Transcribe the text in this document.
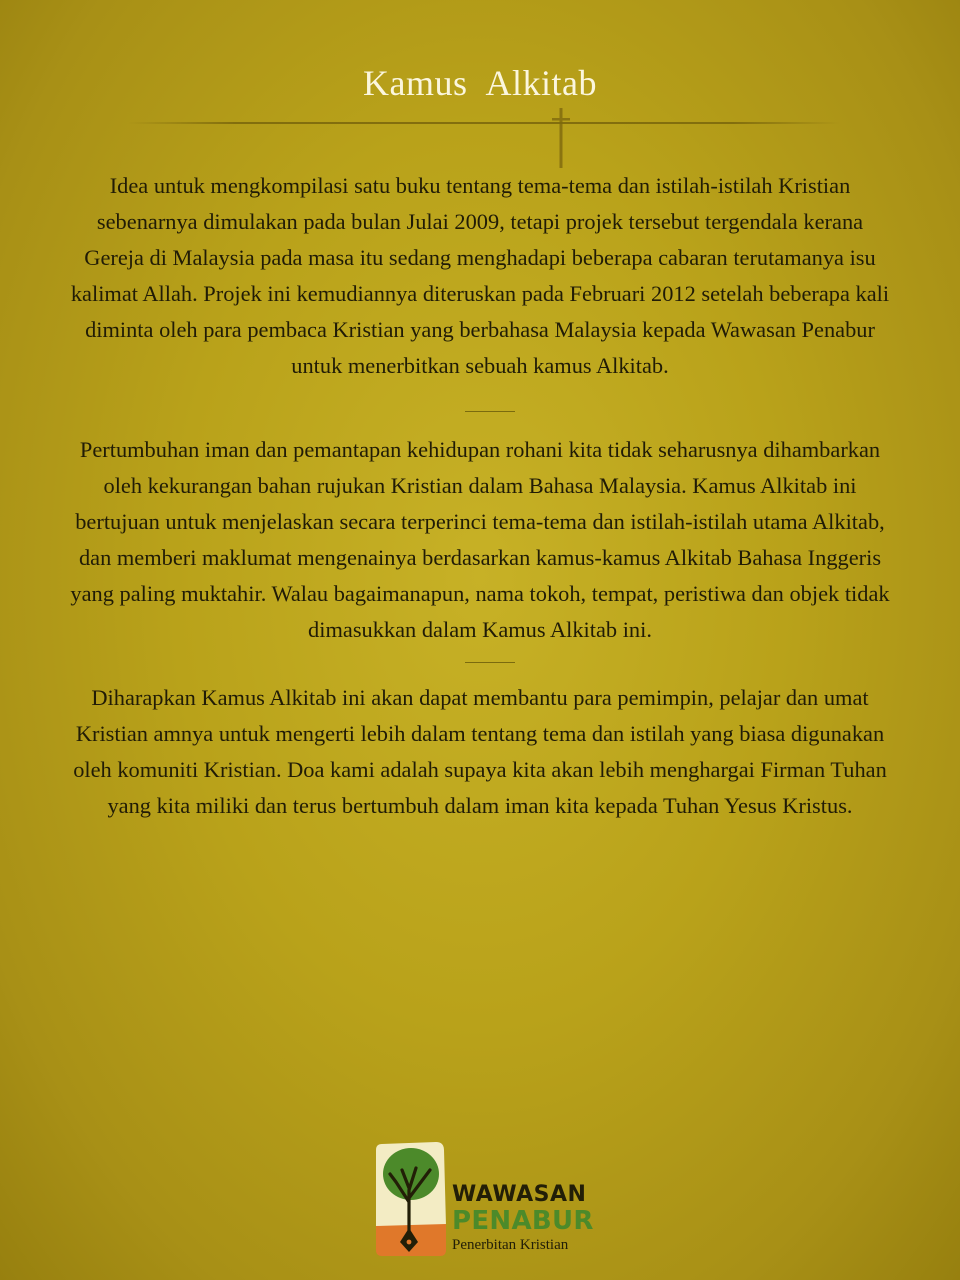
Kamus Alkitab
Idea untuk mengkompilasi satu buku tentang tema-tema dan istilah-istilah Kristian
sebenarnya dimulakan pada bulan Julai 2009, tetapi projek tersebut tergendala kerana
Gereja di Malaysia pada masa itu sedang menghadapi beberapa cabaran terutamanya isu
kalimat Allah. Projek ini kemudiannya diteruskan pada Februari 2012 setelah beberapa kali
diminta oleh para pembaca Kristian yang berbahasa Malaysia kepada Wawasan Penabur
untuk menerbitkan sebuah kamus Alkitab.
Pertumbuhan iman dan pemantapan kehidupan rohani kita tidak seharusnya dihambarkan
oleh kekurangan bahan rujukan Kristian dalam Bahasa Malaysia. Kamus Alkitab ini
bertujuan untuk menjelaskan secara terperinci tema-tema dan istilah-istilah utama Alkitab,
dan memberi maklumat mengenainya berdasarkan kamus-kamus Alkitab Bahasa Inggeris
yang paling muktahir. Walau bagaimanapun, nama tokoh, tempat, peristiwa dan objek tidak
dimasukkan dalam Kamus Alkitab ini.
Diharapkan Kamus Alkitab ini akan dapat membantu para pemimpin, pelajar dan umat
Kristian amnya untuk mengerti lebih dalam tentang tema dan istilah yang biasa digunakan
oleh komuniti Kristian. Doa kami adalah supaya kita akan lebih menghargai Firman Tuhan
yang kita miliki dan terus bertumbuh dalam iman kita kepada Tuhan Yesus Kristus.
WAWASAN
PENABUR
Penerbitan Kristian
